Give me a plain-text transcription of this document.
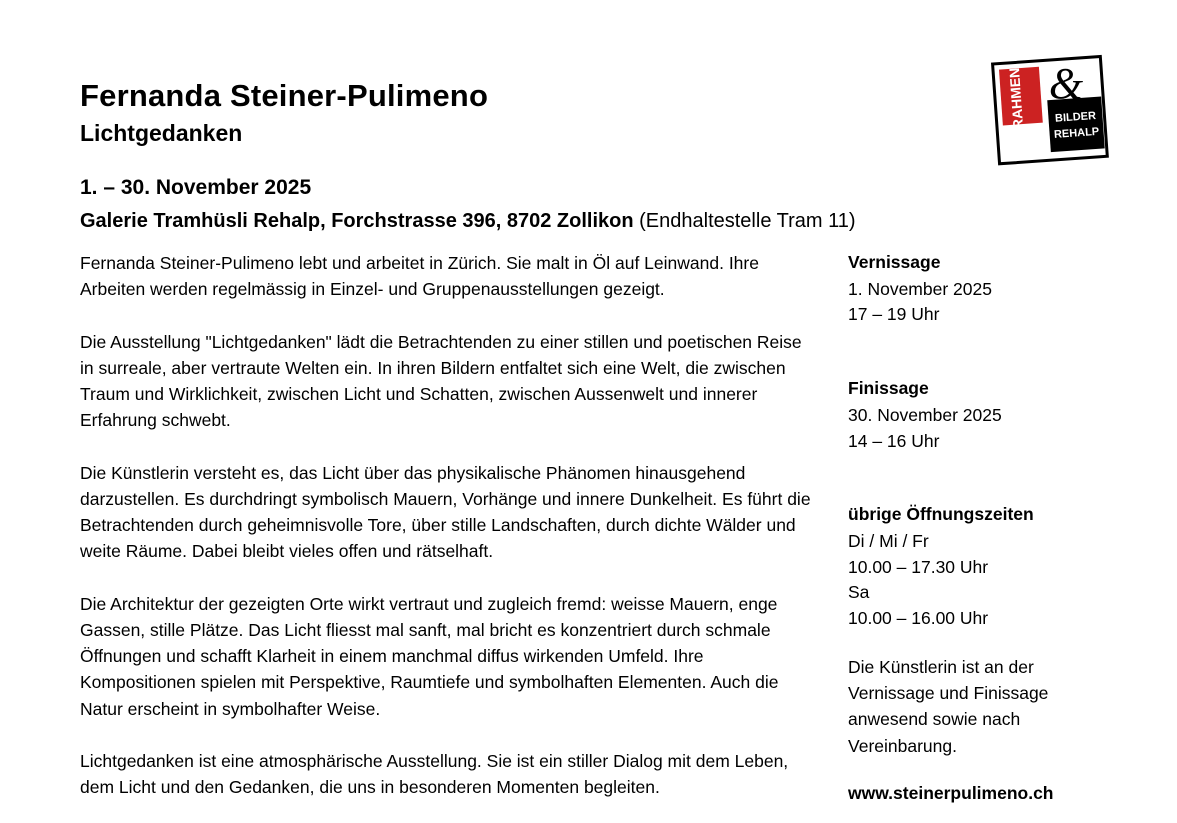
Fernanda Steiner-Pulimeno
Lichtgedanken

1. – 30. November 2025

Galerie Tramhüsli Rehalp, Forchstrasse 396, 8702 Zollikon (Endhaltestelle Tram 11)

RAHMEN	BILDER
REHALP
&

Fernanda Steiner-Pulimeno lebt und arbeitet in Zürich. Sie malt in Öl auf Leinwand. Ihre Arbeiten werden regelmässig in Einzel- und Gruppenausstellungen gezeigt.

Die Ausstellung "Lichtgedanken" lädt die Betrachtenden zu einer stillen und poetischen Reise in surreale, aber vertraute Welten ein. In ihren Bildern entfaltet sich eine Welt, die zwischen Traum und Wirklichkeit, zwischen Licht und Schatten, zwischen Aussenwelt und innerer Erfahrung schwebt.

Die Künstlerin versteht es, das Licht über das physikalische Phänomen hinausgehend darzustellen. Es durchdringt symbolisch Mauern, Vorhänge und innere Dunkelheit. Es führt die Betrachtenden durch geheimnisvolle Tore, über stille Landschaften, durch dichte Wälder und weite Räume. Dabei bleibt vieles offen und rätselhaft.

Die Architektur der gezeigten Orte wirkt vertraut und zugleich fremd: weisse Mauern, enge Gassen, stille Plätze. Das Licht fliesst mal sanft, mal bricht es konzentriert durch schmale Öffnungen und schafft Klarheit in einem manchmal diffus wirkenden Umfeld. Ihre Kompositionen spielen mit Perspektive, Raumtiefe und symbolhaften Elementen. Auch die Natur erscheint in symbolhafter Weise.

Lichtgedanken ist eine atmosphärische Ausstellung. Sie ist ein stiller Dialog mit dem Leben, dem Licht und den Gedanken, die uns in besonderen Momenten begleiten.

Vernissage

1. November 2025

17 – 19 Uhr

Finissage

30. November 2025

14 – 16 Uhr

übrige Öffnungszeiten

Di / Mi / Fr

10.00 – 17.30 Uhr

Sa

10.00 – 16.00 Uhr

Die Künstlerin ist an der Vernissage und Finissage anwesend sowie nach Vereinbarung.

www.steinerpulimeno.ch
